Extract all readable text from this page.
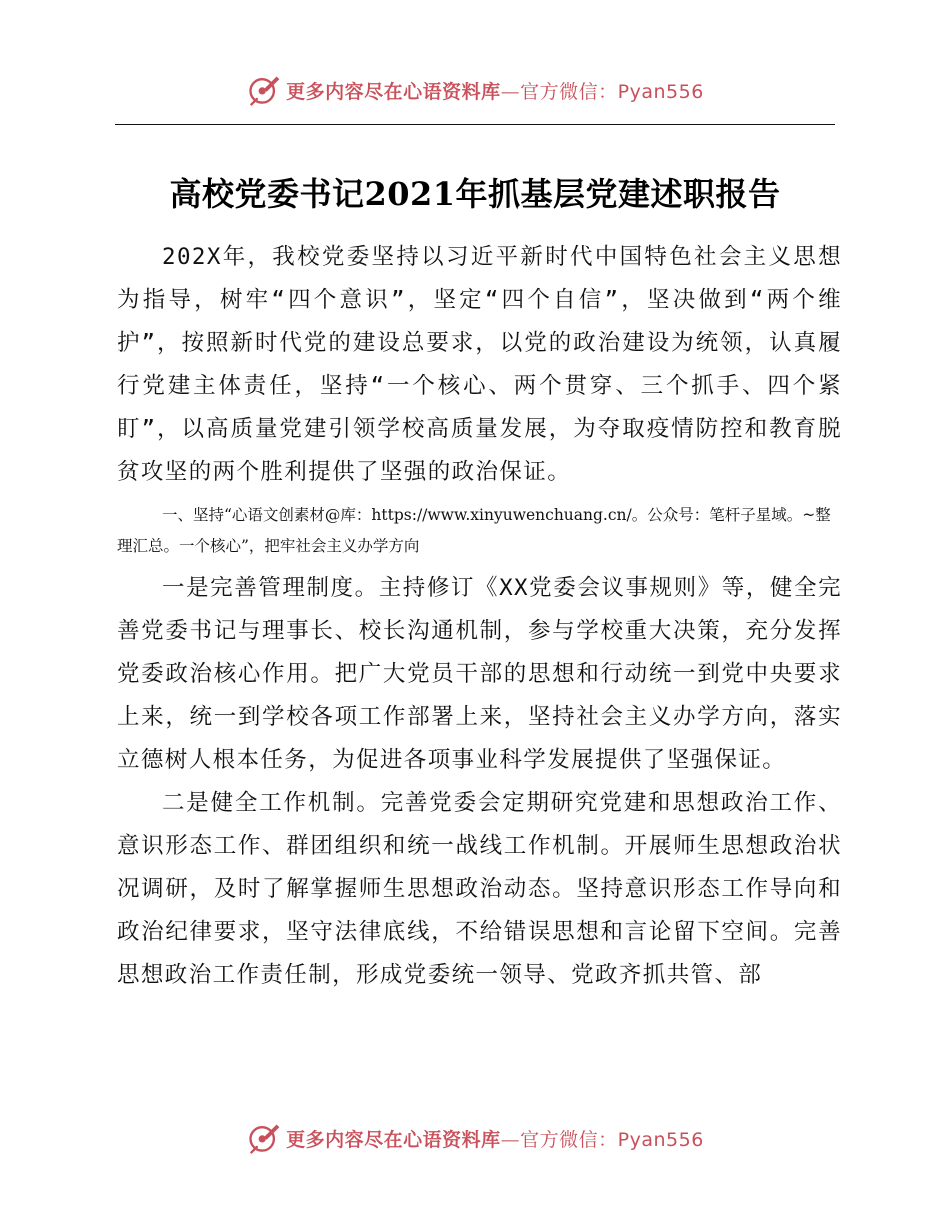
更多内容尽在心语资料库—官方微信：Pyan556
高校党委书记2021年抓基层党建述职报告

202X年，我校党委坚持以习近平新时代中国特色社会主义思想为指导，树牢“四个意识”，坚定“四个自信”，坚决做到“两个维护”，按照新时代党的建设总要求，以党的政治建设为统领，认真履行党建主体责任，坚持“一个核心、两个贯穿、三个抓手、四个紧盯”，以高质量党建引领学校高质量发展，为夺取疫情防控和教育脱贫攻坚的两个胜利提供了坚强的政治保证。

一、坚持“心语文创素材@库：https://www.xinyuwenchuang.cn/。公众号：笔杆子星域。~整理汇总。一个核心”，把牢社会主义办学方向

一是完善管理制度。主持修订《XX党委会议事规则》等，健全完善党委书记与理事长、校长沟通机制，参与学校重大决策，充分发挥党委政治核心作用。把广大党员干部的思想和行动统一到党中央要求上来，统一到学校各项工作部署上来，坚持社会主义办学方向，落实立德树人根本任务，为促进各项事业科学发展提供了坚强保证。

二是健全工作机制。完善党委会定期研究党建和思想政治工作、意识形态工作、群团组织和统一战线工作机制。开展师生思想政治状况调研，及时了解掌握师生思想政治动态。坚持意识形态工作导向和政治纪律要求，坚守法律底线，不给错误思想和言论留下空间。完善思想政治工作责任制，形成党委统一领导、党政齐抓共管、部

更多内容尽在心语资料库—官方微信：Pyan556
